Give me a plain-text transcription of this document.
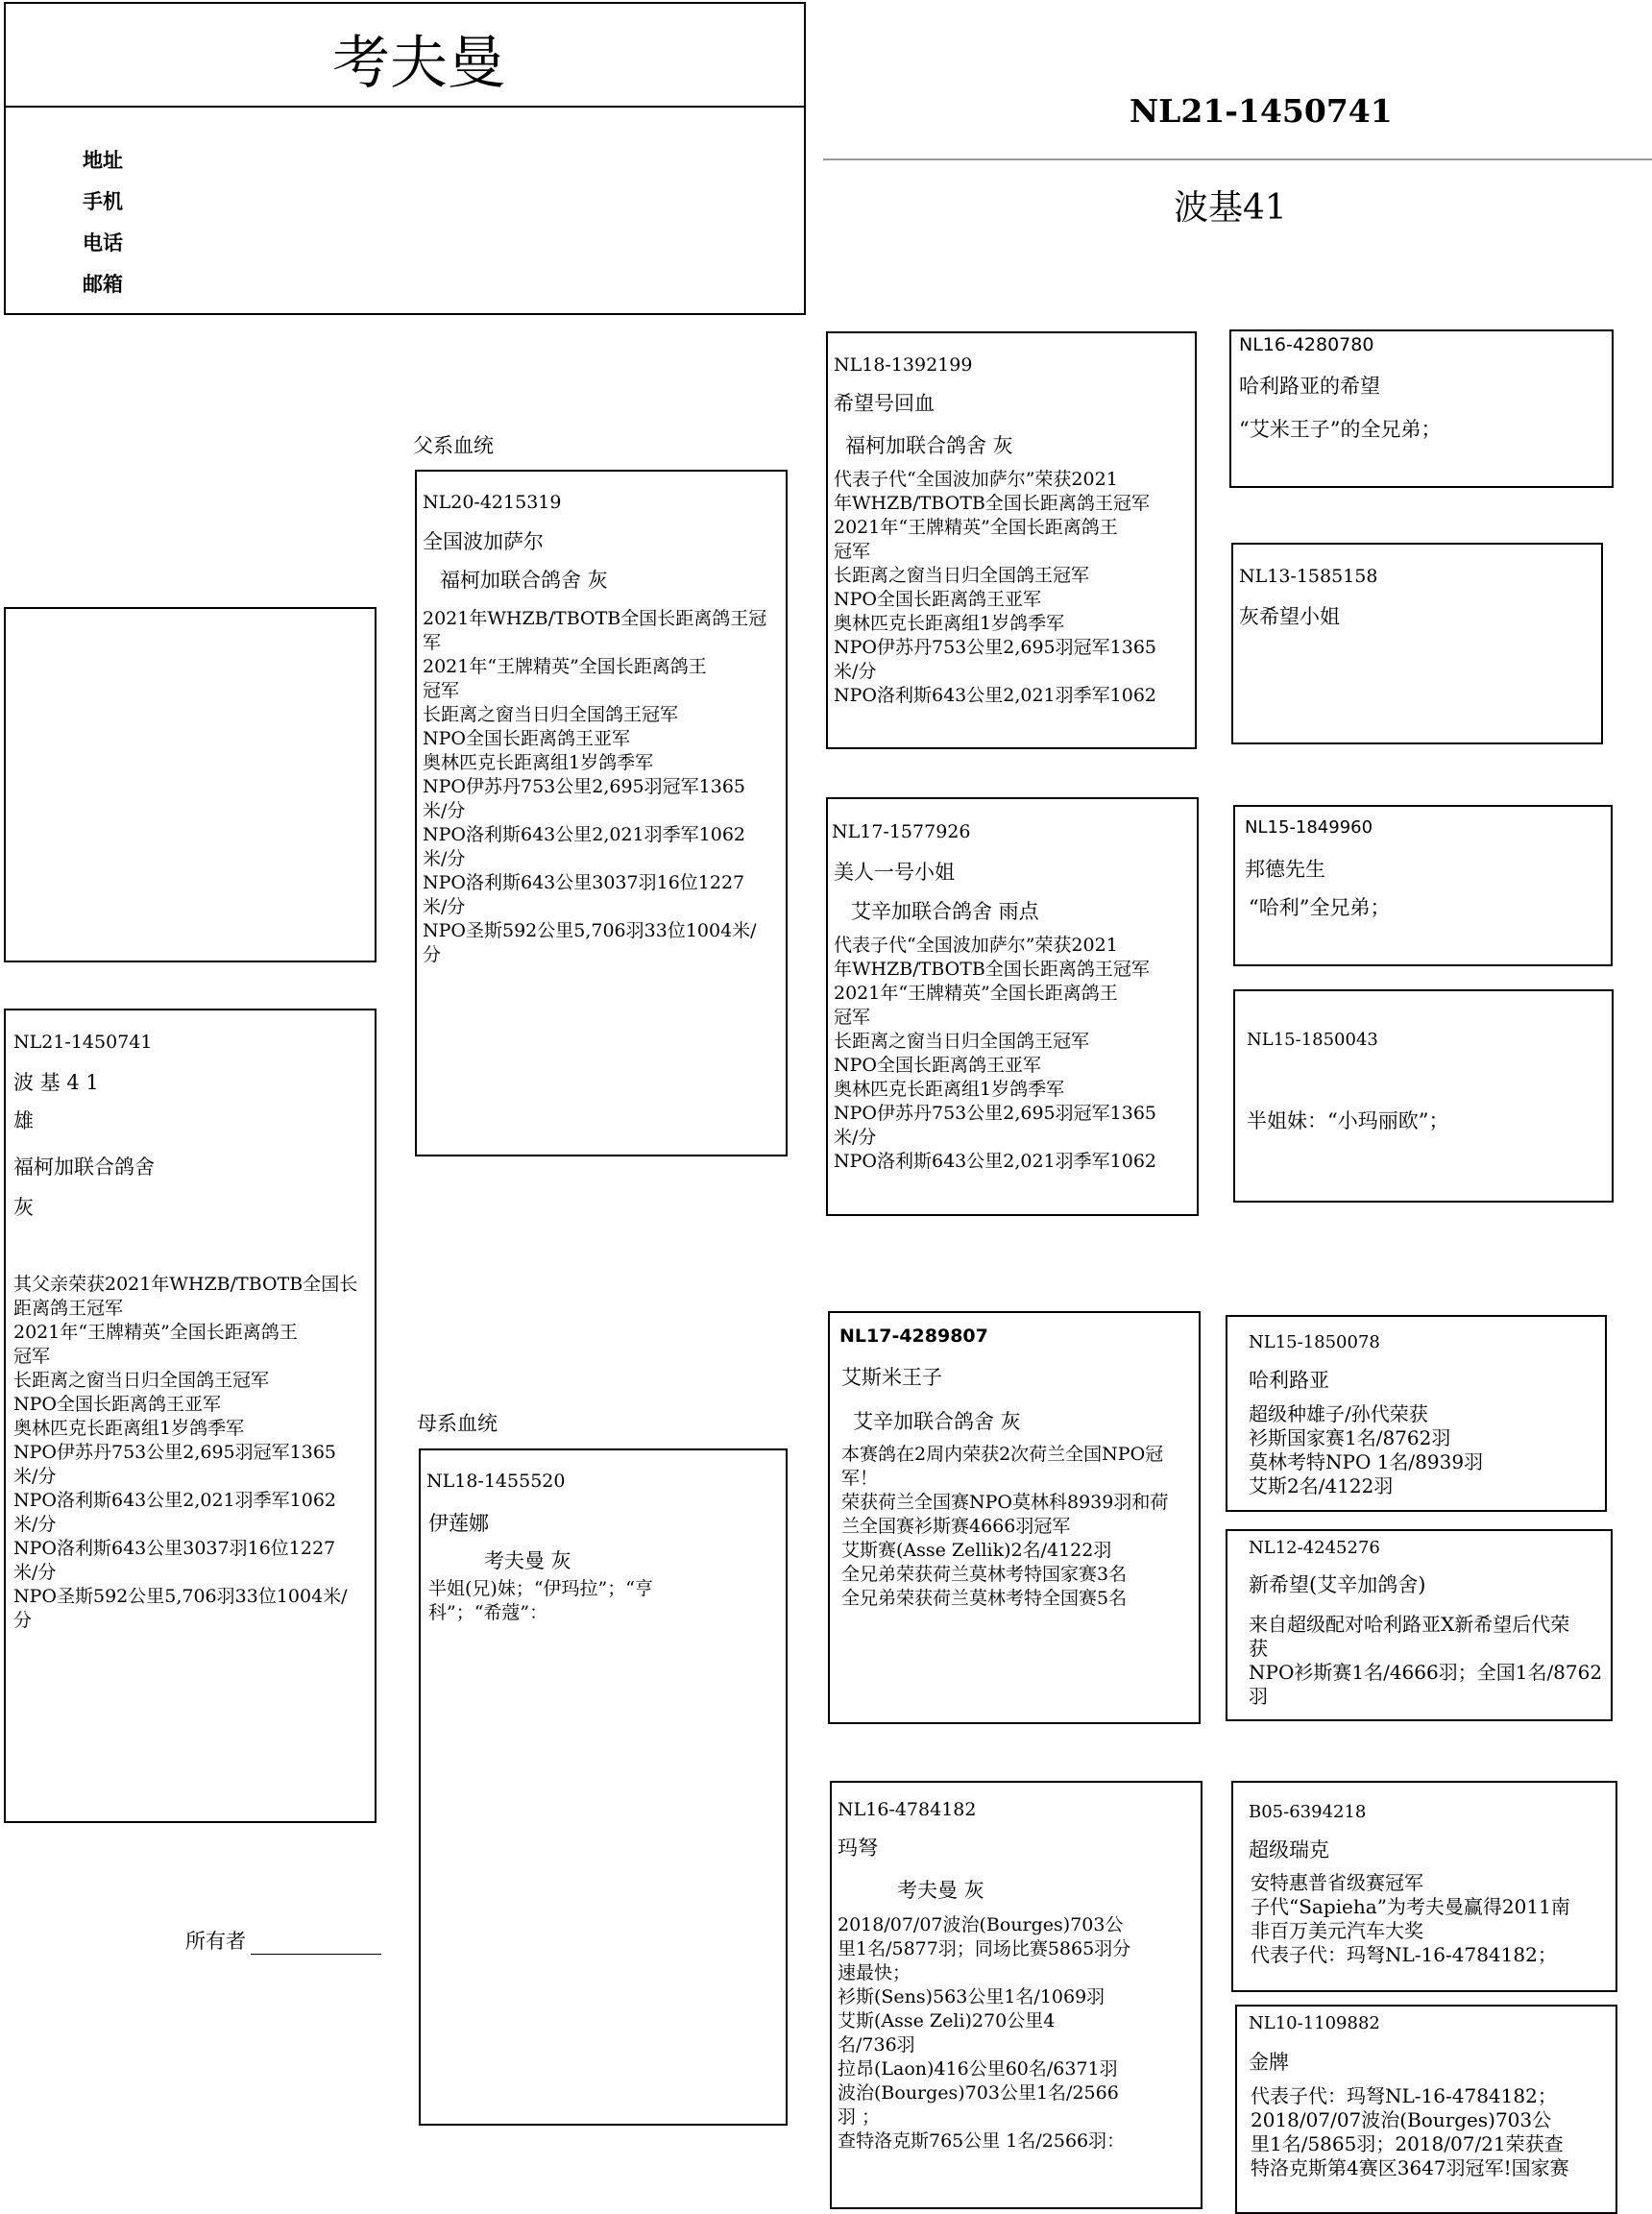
考夫曼
地址
手机
电话
邮箱
NL21-1450741
波基41
NL21-1450741
波 基 4 1
雄
福柯加联合鸽舍
灰
其父亲荣获2021年WHZB/TBOTB全国长
距离鸽王冠军
2021年“王牌精英”全国长距离鸽王
冠军
长距离之窗当日归全国鸽王冠军
NPO全国长距离鸽王亚军
奥林匹克长距离组1岁鸽季军
NPO伊苏丹753公里2,695羽冠军1365
米/分
NPO洛利斯643公里2,021羽季军1062
米/分
NPO洛利斯643公里3037羽16位1227
米/分
NPO圣斯592公里5,706羽33位1004米/
分
父系血统
NL20-4215319
全国波加萨尔
福柯加联合鸽舍 灰
2021年WHZB/TBOTB全国长距离鸽王冠
军
2021年“王牌精英”全国长距离鸽王
冠军
长距离之窗当日归全国鸽王冠军
NPO全国长距离鸽王亚军
奥林匹克长距离组1岁鸽季军
NPO伊苏丹753公里2,695羽冠军1365
米/分
NPO洛利斯643公里2,021羽季军1062
米/分
NPO洛利斯643公里3037羽16位1227
米/分
NPO圣斯592公里5,706羽33位1004米/
分
母系血统
NL18-1455520
伊莲娜
考夫曼 灰
半姐(兄)妹；“伊玛拉”；“亨
科”；“希蔻”：
NL18-1392199
希望号回血
福柯加联合鸽舍 灰
代表子代“全国波加萨尔”荣获2021
年WHZB/TBOTB全国长距离鸽王冠军
2021年“王牌精英”全国长距离鸽王
冠军
长距离之窗当日归全国鸽王冠军
NPO全国长距离鸽王亚军
奥林匹克长距离组1岁鸽季军
NPO伊苏丹753公里2,695羽冠军1365
米/分
NPO洛利斯643公里2,021羽季军1062
NL17-1577926
美人一号小姐
艾辛加联合鸽舍 雨点
代表子代“全国波加萨尔”荣获2021
年WHZB/TBOTB全国长距离鸽王冠军
2021年“王牌精英”全国长距离鸽王
冠军
长距离之窗当日归全国鸽王冠军
NPO全国长距离鸽王亚军
奥林匹克长距离组1岁鸽季军
NPO伊苏丹753公里2,695羽冠军1365
米/分
NPO洛利斯643公里2,021羽季军1062
NL17-4289807
艾斯米王子
艾辛加联合鸽舍 灰
本赛鸽在2周内荣获2次荷兰全国NPO冠
军！
荣获荷兰全国赛NPO莫林科8939羽和荷
兰全国赛衫斯赛4666羽冠军
艾斯赛(Asse Zellik)2名/4122羽
全兄弟荣获荷兰莫林考特国家赛3名
全兄弟荣获荷兰莫林考特全国赛5名
NL16-4784182
玛弩
考夫曼 灰
2018/07/07波治(Bourges)703公
里1名/5877羽；同场比赛5865羽分
速最快；
衫斯(Sens)563公里1名/1069羽
艾斯(Asse Zeli)270公里4
名/736羽
拉昂(Laon)416公里60名/6371羽
波治(Bourges)703公里1名/2566
羽 ；
查特洛克斯765公里 1名/2566羽：
NL16-4280780
哈利路亚的希望
“艾米王子”的全兄弟；
NL13-1585158
灰希望小姐
NL15-1849960
邦德先生
“哈利”全兄弟；
NL15-1850043
半姐妹：“小玛丽欧”；
NL15-1850078
哈利路亚
超级种雄子/孙代荣获
衫斯国家赛1名/8762羽
莫林考特NPO 1名/8939羽
艾斯2名/4122羽
NL12-4245276
新希望(艾辛加鸽舍)
来自超级配对哈利路亚X新希望后代荣
获
NPO衫斯赛1名/4666羽；全国1名/8762
羽
B05-6394218
超级瑞克
安特惠普省级赛冠军
子代“Sapieha”为考夫曼赢得2011南
非百万美元汽车大奖
代表子代：玛弩NL-16-4784182；
NL10-1109882
金牌
代表子代：玛弩NL-16-4784182；
2018/07/07波治(Bourges)703公
里1名/5865羽；2018/07/21荣获查
特洛克斯第4赛区3647羽冠军!国家赛
所有者
